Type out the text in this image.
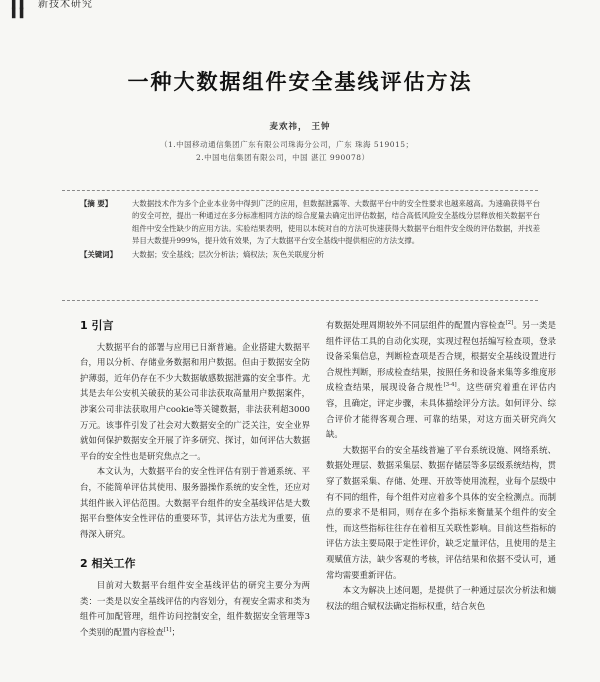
▌▌ ▌▌
新技术研究
一种大数据组件安全基线评估方法
麦欢祎， 王钟
（1.中国移动通信集团广东有限公司珠海分公司，广东 珠海 519015；
2.中国电信集团有限公司，中国 湛江 990078）
【摘 要】	大数据技术作为多个企业本业务中得到广泛的应用，但数据泄露等、大数据平台中的安全性要求也越来越高。为速确获得平台的安全可控，提出一种通过在多分标准相同方法的综合度量去确定出评估数据，结合高低风险安全基线分层释放相关数据平台组件中安全性缺少的应用方法。实验结果表明，使用以本统对自的方法可快速获得大数据平台组件安全级的评估数据，并找差异目大数提升999%，提升效有效果，为了大数据平台安全基线中提供相应的方法支撑。
【关键词】	大数据；安全基线；层次分析法；熵权法；灰色关联度分析
1 引言

大数据平台的部署与应用已日渐普遍。企业搭建大数据平台，用以分析、存储业务数据和用户数据。但由于数据安全防护薄弱，近年仍存在不少大数据敏感数据泄露的安全事件。尤其是去年公安机关破获的某公司非法获取高量用户数据案件，涉案公司非法获取用户cookie等关键数据，非法获利超3000万元。该事件引发了社会对大数据安全的广泛关注，安全业界就如何保护数据安全开展了许多研究、探讨，如何评估大数据平台的安全性也是研究焦点之一。

本文认为，大数据平台的安全性评估有别于普通系统、平台，不能简单评估其使用、服务器操作系统的安全性，还应对其组件嵌入评估范围。大数据平台组件的安全基线评估是大数据平台整体安全性评估的重要环节，其评估方法尤为重要，值得深入研究。

2 相关工作

目前对大数据平台组件安全基线评估的研究主要分为两类：一类是以安全基线评估的内容划分，有视安全需求和类为组件可加配管理，组件访问控制安全，组件数据安全管理等3个类别的配置内容检查[1]；

有数据处理周期较外不同层组件的配置内容检查[2]。另一类是组件评估工具的自动化实现，实现过程包括编写检查项，登录设备采集信息，判断检查项是否合规，根据安全基线设置进行合规性判断，形成检查结果，按照任务和设备来集等多维度形成检查结果，展现设备合规性[3-4]。这些研究着重在评估内容，且确定，评定步骤，未具体描绘评分方法。如何评分、综合评价才能得客观合理、可靠的结果，对这方面关研究尚欠缺。

大数据平台的安全基线普遍了平台系统设施、网络系统、数据处理层、数据采集层、数据存储层等多层级系统结构，贯穿了数据采集、存储、处理、开放等使用流程，业每个层级中有不同的组件，每个组件对应着多个具体的安全检测点。而制点的要求不是相同，则存在多个指标来衡量某个组件的安全性，而这些指标往往存在着相互关联性影响。目前这些指标的评估方法主要局限于定性评价，缺乏定量评估，且使用的是主观赋值方法，缺少客观的考核，评估结果和依据不受认可，通常均需要重新评估。

本文为解决上述问题，是提供了一种通过层次分析法和熵权法的组合赋权法确定指标权重，结合灰色
